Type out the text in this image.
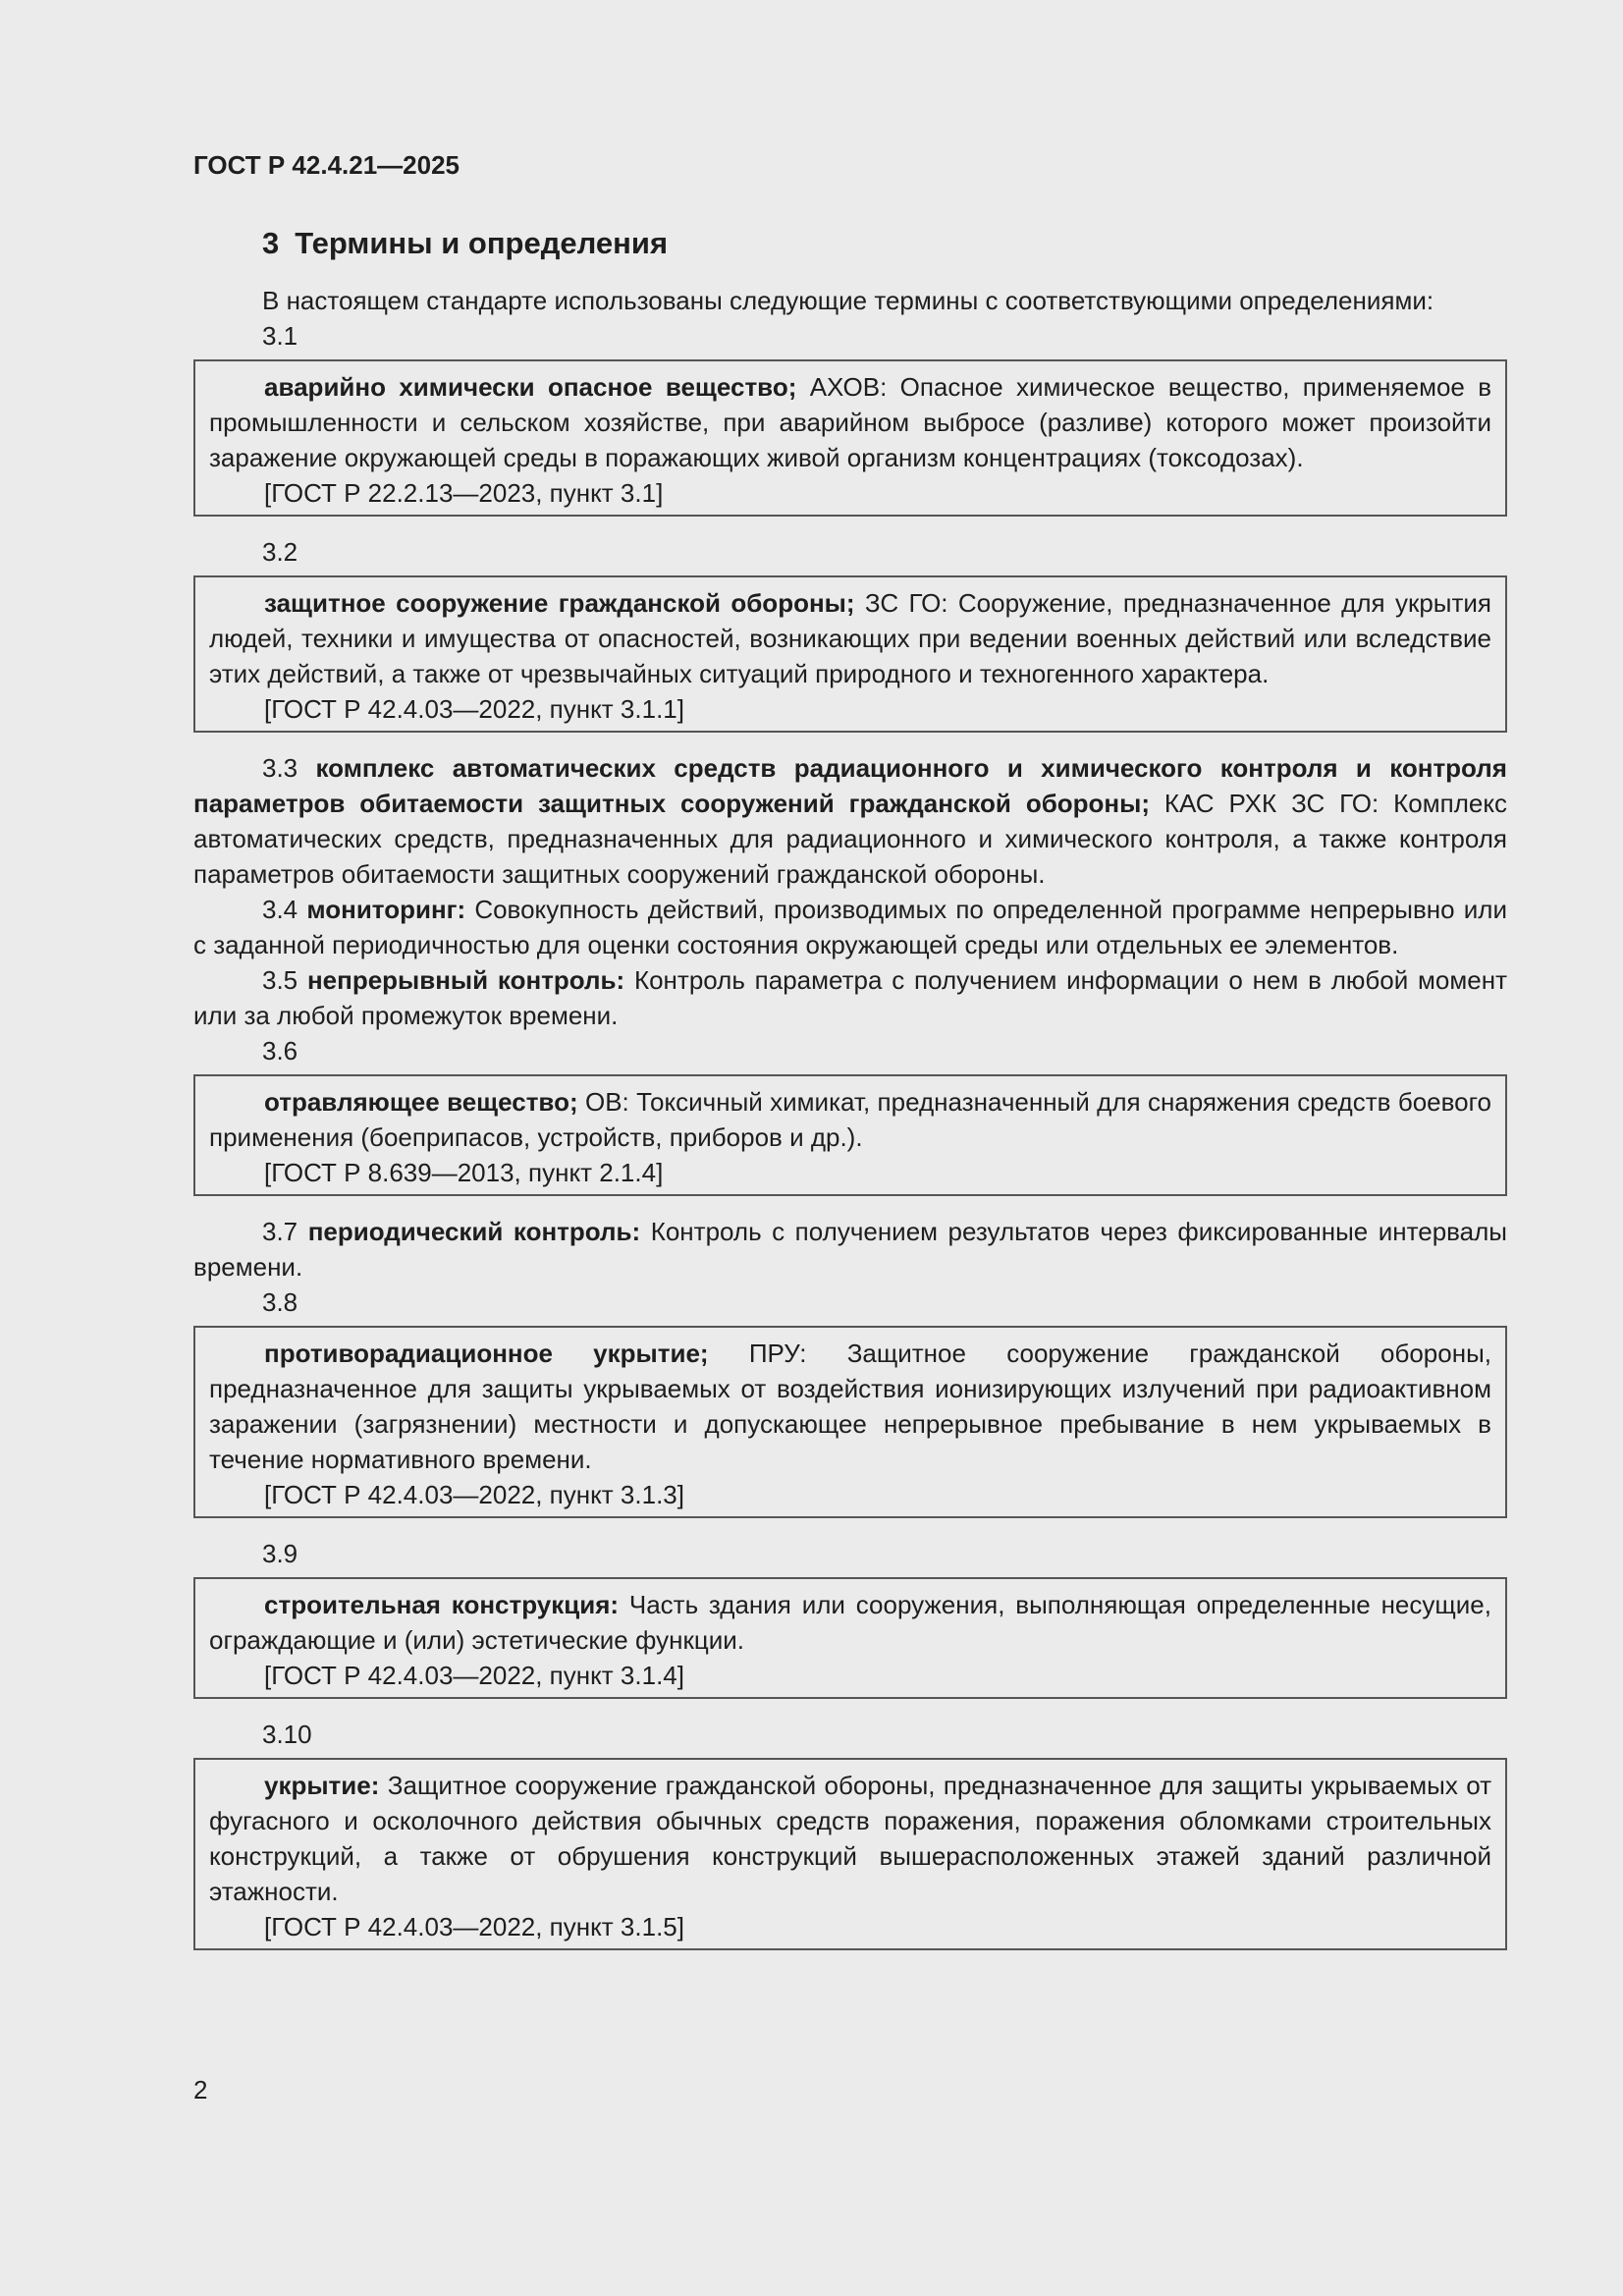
ГОСТ Р 42.4.21—2025
3 Термины и определения

В настоящем стандарте использованы следующие термины с соответствующими определениями:

3.1

аварийно химически опасное вещество; АХОВ: Опасное химическое вещество, применяемое в промышленности и сельском хозяйстве, при аварийном выбросе (разливе) которого может произойти заражение окружающей среды в поражающих живой организм концентрациях (токсодозах).

[ГОСТ Р 22.2.13—2023, пункт 3.1]

3.2

защитное сооружение гражданской обороны; ЗС ГО: Сооружение, предназначенное для укрытия людей, техники и имущества от опасностей, возникающих при ведении военных действий или вследствие этих действий, а также от чрезвычайных ситуаций природного и техногенного характера.

[ГОСТ Р 42.4.03—2022, пункт 3.1.1]

3.3 комплекс автоматических средств радиационного и химического контроля и контроля параметров обитаемости защитных сооружений гражданской обороны; КАС РХК ЗС ГО: Комплекс автоматических средств, предназначенных для радиационного и химического контроля, а также контроля параметров обитаемости защитных сооружений гражданской обороны.

3.4 мониторинг: Совокупность действий, производимых по определенной программе непрерывно или с заданной периодичностью для оценки состояния окружающей среды или отдельных ее элементов.

3.5 непрерывный контроль: Контроль параметра с получением информации о нем в любой момент или за любой промежуток времени.

3.6

отравляющее вещество; ОВ: Токсичный химикат, предназначенный для снаряжения средств боевого применения (боеприпасов, устройств, приборов и др.).

[ГОСТ Р 8.639—2013, пункт 2.1.4]

3.7 периодический контроль: Контроль с получением результатов через фиксированные интервалы времени.

3.8

противорадиационное укрытие; ПРУ: Защитное сооружение гражданской обороны, предназначенное для защиты укрываемых от воздействия ионизирующих излучений при радиоактивном заражении (загрязнении) местности и допускающее непрерывное пребывание в нем укрываемых в течение нормативного времени.

[ГОСТ Р 42.4.03—2022, пункт 3.1.3]

3.9

строительная конструкция: Часть здания или сооружения, выполняющая определенные несущие, ограждающие и (или) эстетические функции.

[ГОСТ Р 42.4.03—2022, пункт 3.1.4]

3.10

укрытие: Защитное сооружение гражданской обороны, предназначенное для защиты укрываемых от фугасного и осколочного действия обычных средств поражения, поражения обломками строительных конструкций, а также от обрушения конструкций вышерасположенных этажей зданий различной этажности.

[ГОСТ Р 42.4.03—2022, пункт 3.1.5]

2
